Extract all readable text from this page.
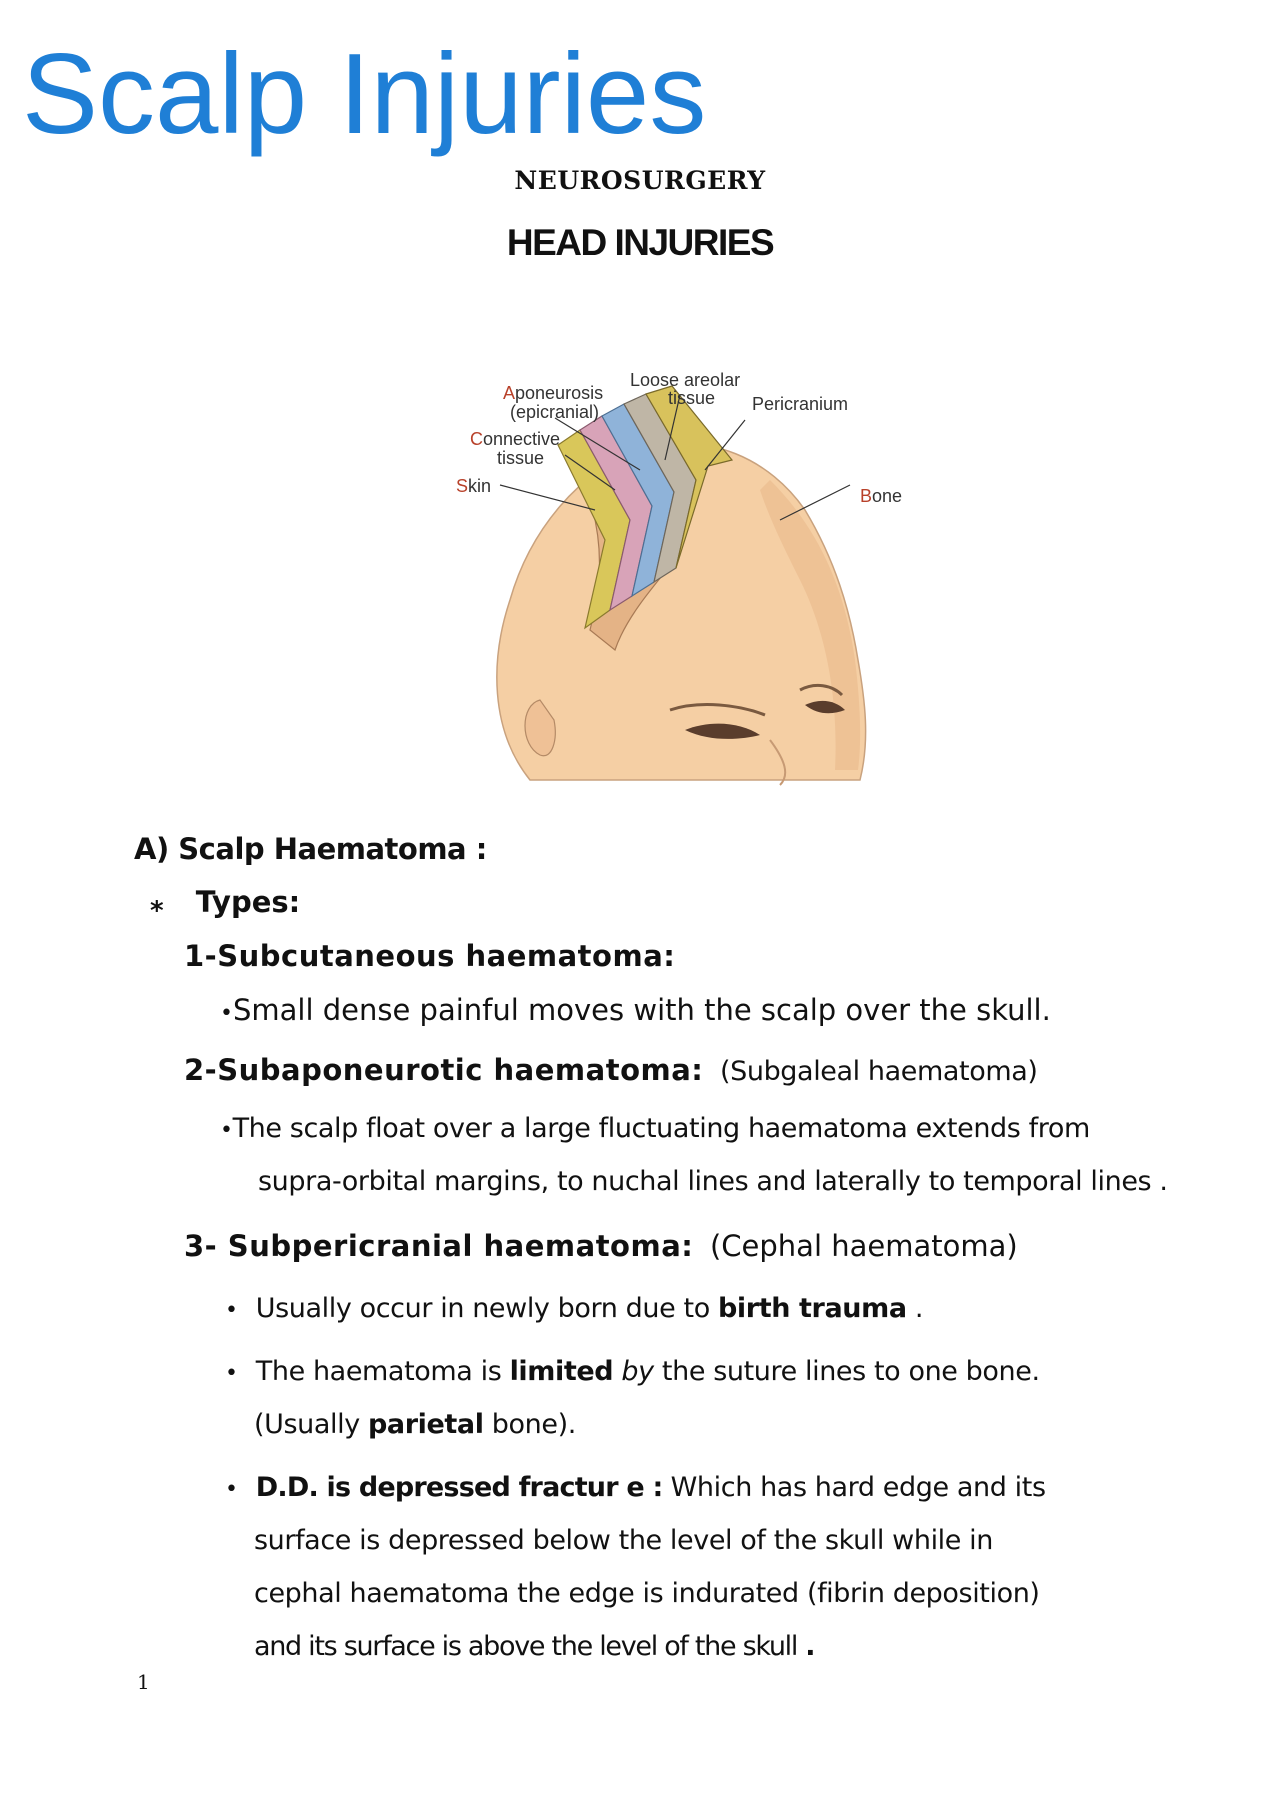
Scalp Injuries
NEUROSURGERY
HEAD INJURIES
Aponeurosis
(epicranial)
Loose areolar
tissue Pericranium
Connective
tissue
Skin	Bone
A) Scalp Haematoma :
⁎ Types:
1-Subcutaneous haematoma:
•Small dense painful moves with the scalp over the skull.
2-Subaponeurotic haematoma: (Subgaleal haematoma)
•The scalp float over a large fluctuating haematoma extends from
supra-orbital margins, to nuchal lines and laterally to temporal lines .
3- Subpericranial haematoma: (Cephal haematoma)
• Usually occur in newly born due to birth trauma .
• The haematoma is limited by the suture lines to one bone.
(Usually parietal bone).
• D.D. is depressed fractur e : Which has hard edge and its
surface is depressed below the level of the skull while in
cephal haematoma the edge is indurated (fibrin deposition)
and its surface is above the level of the skull .
1
